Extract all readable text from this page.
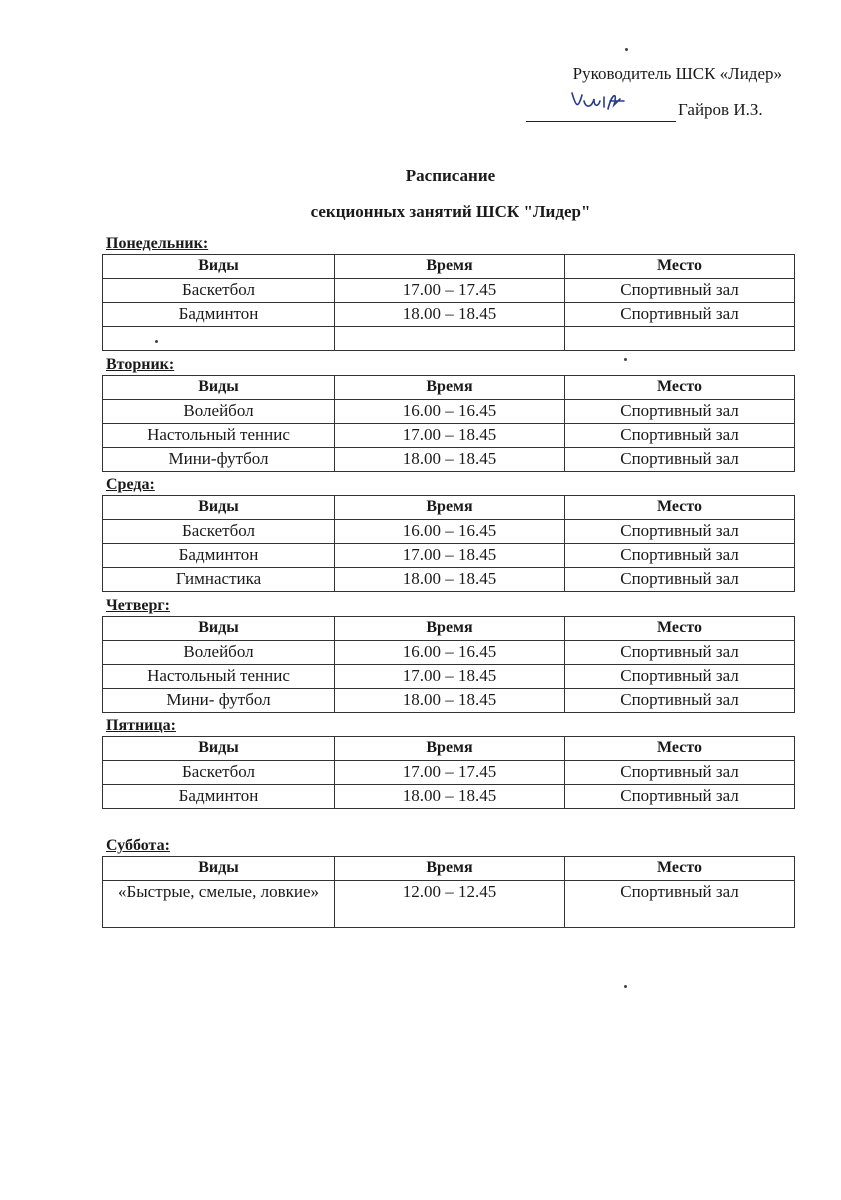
Руководитель ШСК «Лидер»
Гайров И.З.
Расписание
секционных занятий ШСК "Лидер"
Понедельник:
Виды	Время	Место
Баскетбол	17.00 – 17.45	Спортивный зал
Бадминтон	18.00 – 18.45	Спортивный зал

Вторник:
Виды	Время	Место
Волейбол	16.00 – 16.45	Спортивный зал
Настольный теннис	17.00 – 18.45	Спортивный зал
Мини-футбол	18.00 – 18.45	Спортивный зал
Среда:
Виды	Время	Место
Баскетбол	16.00 – 16.45	Спортивный зал
Бадминтон	17.00 – 18.45	Спортивный зал
Гимнастика	18.00 – 18.45	Спортивный зал
Четверг:
Виды	Время	Место
Волейбол	16.00 – 16.45	Спортивный зал
Настольный теннис	17.00 – 18.45	Спортивный зал
Мини- футбол	18.00 – 18.45	Спортивный зал
Пятница:
Виды	Время	Место
Баскетбол	17.00 – 17.45	Спортивный зал
Бадминтон	18.00 – 18.45	Спортивный зал
Суббота:
Виды	Время	Место
«Быстрые, смелые, ловкие»	12.00 – 12.45	Спортивный зал
